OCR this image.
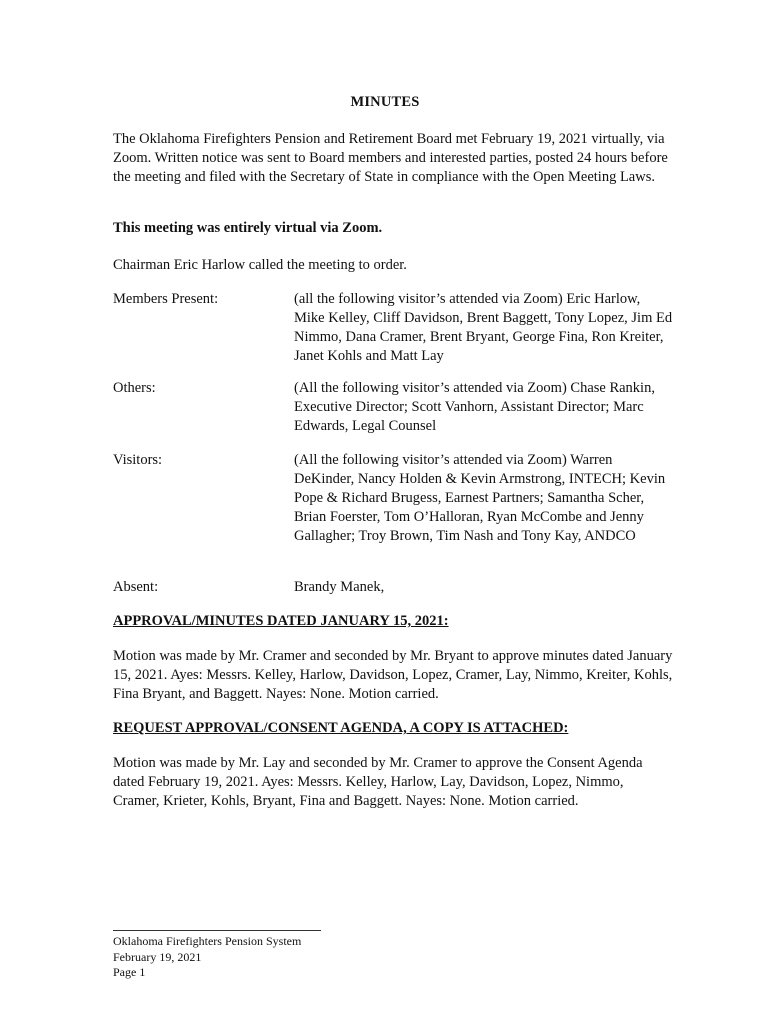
MINUTES
The Oklahoma Firefighters Pension and Retirement Board met February 19, 2021 virtually, via Zoom. Written notice was sent to Board members and interested parties, posted 24 hours before the meeting and filed with the Secretary of State in compliance with the Open Meeting Laws.
This meeting was entirely virtual via Zoom.
Chairman Eric Harlow called the meeting to order.
Members Present:	(all the following visitor’s attended via Zoom) Eric Harlow, Mike Kelley, Cliff Davidson, Brent Baggett, Tony Lopez, Jim Ed Nimmo, Dana Cramer, Brent Bryant, George Fina, Ron Kreiter, Janet Kohls and Matt Lay
Others:	(All the following visitor’s attended via Zoom) Chase Rankin, Executive Director; Scott Vanhorn, Assistant Director; Marc Edwards, Legal Counsel
Visitors:	(All the following visitor’s attended via Zoom) Warren DeKinder, Nancy Holden & Kevin Armstrong, INTECH; Kevin Pope & Richard Brugess, Earnest Partners; Samantha Scher, Brian Foerster, Tom O’Halloran, Ryan McCombe and Jenny Gallagher; Troy Brown, Tim Nash and Tony Kay, ANDCO
Absent:	Brandy Manek,
APPROVAL/MINUTES DATED JANUARY 15, 2021:
Motion was made by Mr. Cramer and seconded by Mr. Bryant to approve minutes dated January 15, 2021. Ayes: Messrs. Kelley, Harlow, Davidson, Lopez, Cramer, Lay, Nimmo, Kreiter, Kohls, Fina Bryant, and Baggett. Nayes: None. Motion carried.
REQUEST APPROVAL/CONSENT AGENDA, A COPY IS ATTACHED:
Motion was made by Mr. Lay and seconded by Mr. Cramer to approve the Consent Agenda dated February 19, 2021. Ayes: Messrs. Kelley, Harlow, Lay, Davidson, Lopez, Nimmo, Cramer, Krieter, Kohls, Bryant, Fina and Baggett. Nayes: None. Motion carried.
Oklahoma Firefighters Pension System
February 19, 2021
Page 1
